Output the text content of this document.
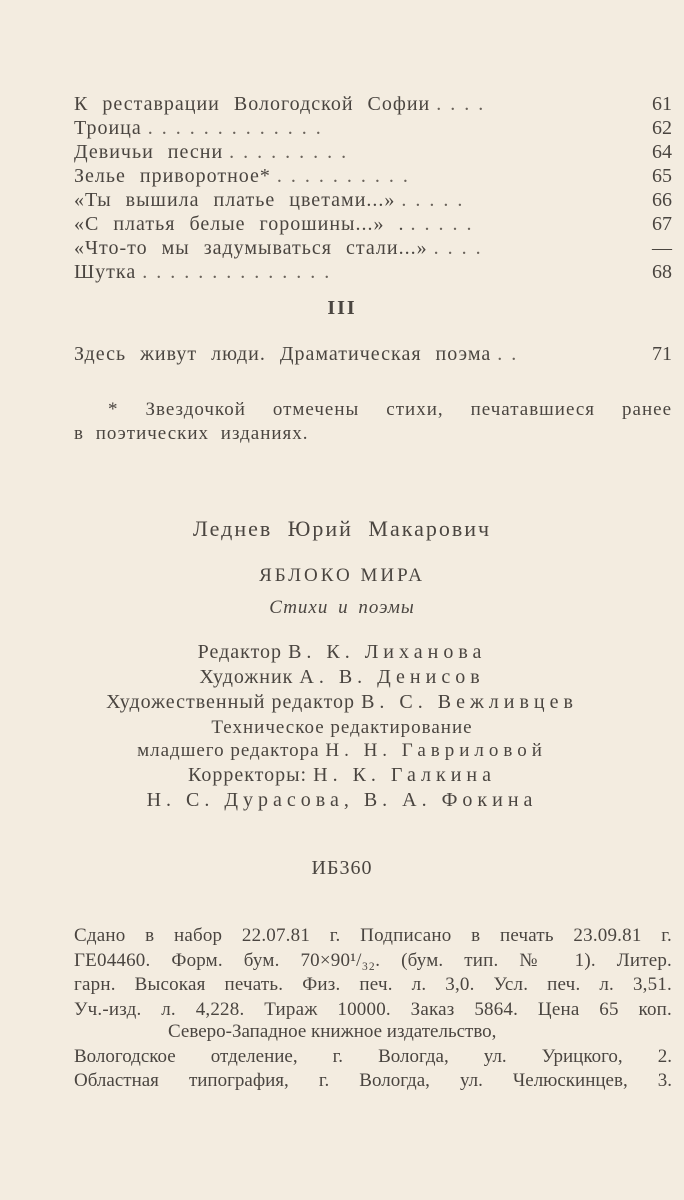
К реставрации Вологодской Софии . . . .	61
Троица . . . . . . . . . . . . .	62
Девичьи песни . . . . . . . . .	64
Зелье приворотное* . . . . . . . . . .	65
«Ты вышила платье цветами...» . . . . .	66
«С платья белые горошины...» . . . . . .	67
«Что-то мы задумываться стали...» . . . .	—
Шутка . . . . . . . . . . . . . .	68
III
Здесь живут люди. Драматическая поэма . .	71
* Звездочкой отмечены стихи, печатавшиеся ранее
в поэтических изданиях.
Леднев Юрий Макарович
ЯБЛОКО МИРА
Стихи и поэмы
Редактор В. К. Лиханова
Художник А. В. Денисов
Художественный редактор В. С. Вежливцев
Техническое редактирование
младшего редактора Н. Н. Гавриловой
Корректоры: Н. К. Галкина
Н. С. Дурасова, В. А. Фокина
ИБ360
Сдано в набор 22.07.81 г. Подписано в печать 23.09.81 г.
ГЕ04460. Форм. бум. 70×90¹/₃₂. (бум. тип. № 1). Литер.
гарн. Высокая печать. Физ. печ. л. 3,0. Усл. печ. л. 3,51.
Уч.-изд. л. 4,228. Тираж 10000. Заказ 5864. Цена 65 коп.
Северо-Западное книжное издательство,
Вологодское отделение, г. Вологда, ул. Урицкого, 2.
Областная типография, г. Вологда, ул. Челюскинцев, 3.
